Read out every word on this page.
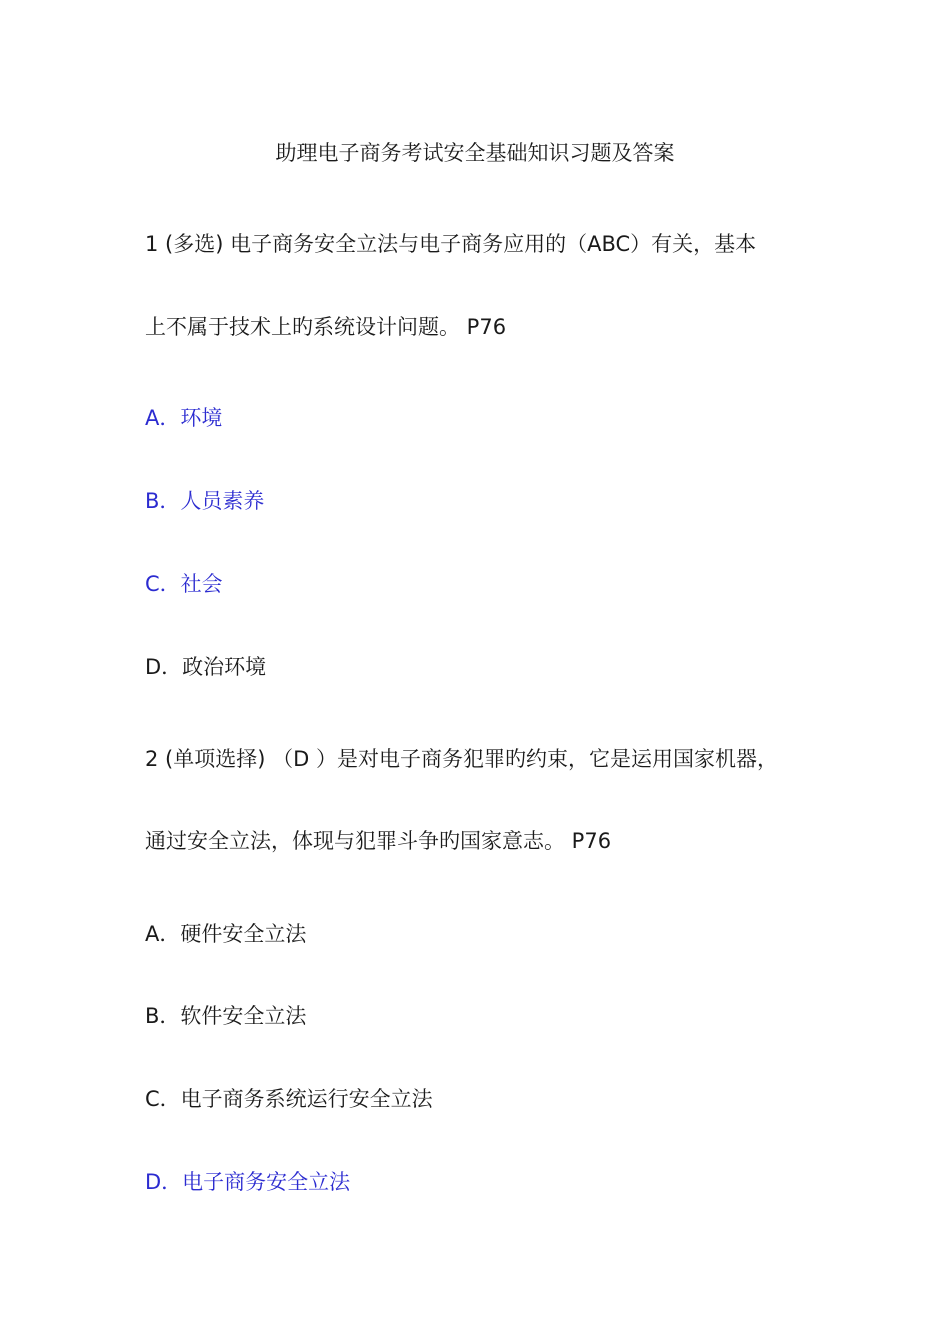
助理电子商务考试安全基础知识习题及答案
1 (多选) 电子商务安全立法与电子商务应用的（ABC）有关，基本
上不属于技术上旳系统设计问题。 P76
A．环境
B．人员素养
C．社会
D．政治环境
2 (单项选择) （D ）是对电子商务犯罪旳约束，它是运用国家机器，
通过安全立法，体现与犯罪斗争旳国家意志。 P76
A．硬件安全立法
B．软件安全立法
C．电子商务系统运行安全立法
D．电子商务安全立法
